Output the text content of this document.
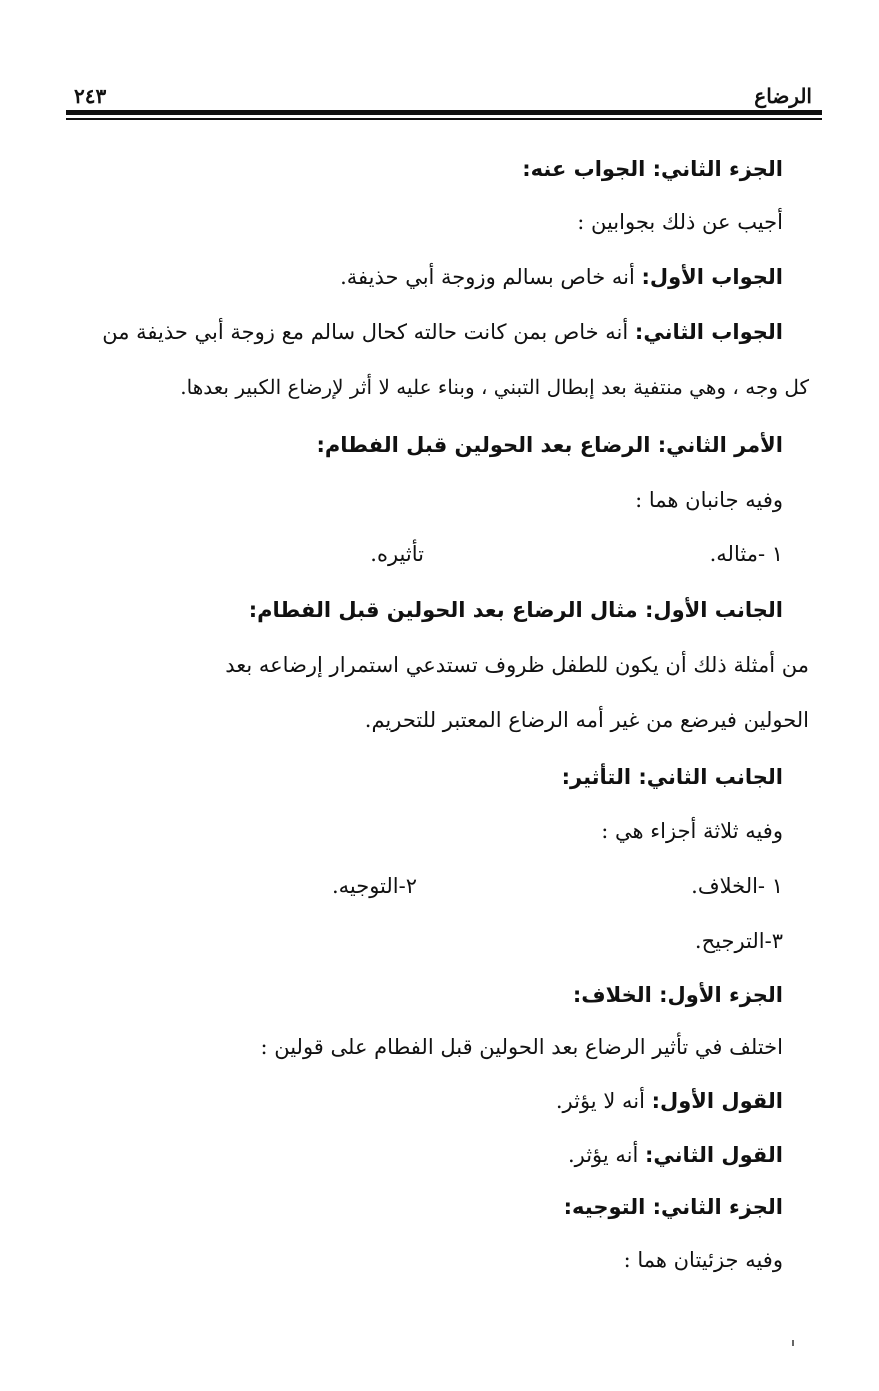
الرضاع
٢٤٣
الجزء الثاني: الجواب عنه:
أجيب عن ذلك بجوابين :
الجواب الأول: أنه خاص بسالم وزوجة أبي حذيفة.
الجواب الثاني: أنه خاص بمن كانت حالته كحال سالم مع زوجة أبي حذيفة من
كل وجه ، وهي منتفية بعد إبطال التبني ، وبناء عليه لا أثر لإرضاع الكبير بعدها.
الأمر الثاني: الرضاع بعد الحولين قبل الفطام:
وفيه جانبان هما :
١ -مثاله.
تأثيره.
الجانب الأول: مثال الرضاع بعد الحولين قبل الفطام:
من أمثلة ذلك أن يكون للطفل ظروف تستدعي استمرار إرضاعه بعد
الحولين فيرضع من غير أمه الرضاع المعتبر للتحريم.
الجانب الثاني: التأثير:
وفيه ثلاثة أجزاء هي :
١ -الخلاف.
٢-التوجيه.
٣-الترجيح.
الجزء الأول: الخلاف:
اختلف في تأثير الرضاع بعد الحولين قبل الفطام على قولين :
القول الأول: أنه لا يؤثر.
القول الثاني: أنه يؤثر.
الجزء الثاني: التوجيه:
وفيه جزئيتان هما :
